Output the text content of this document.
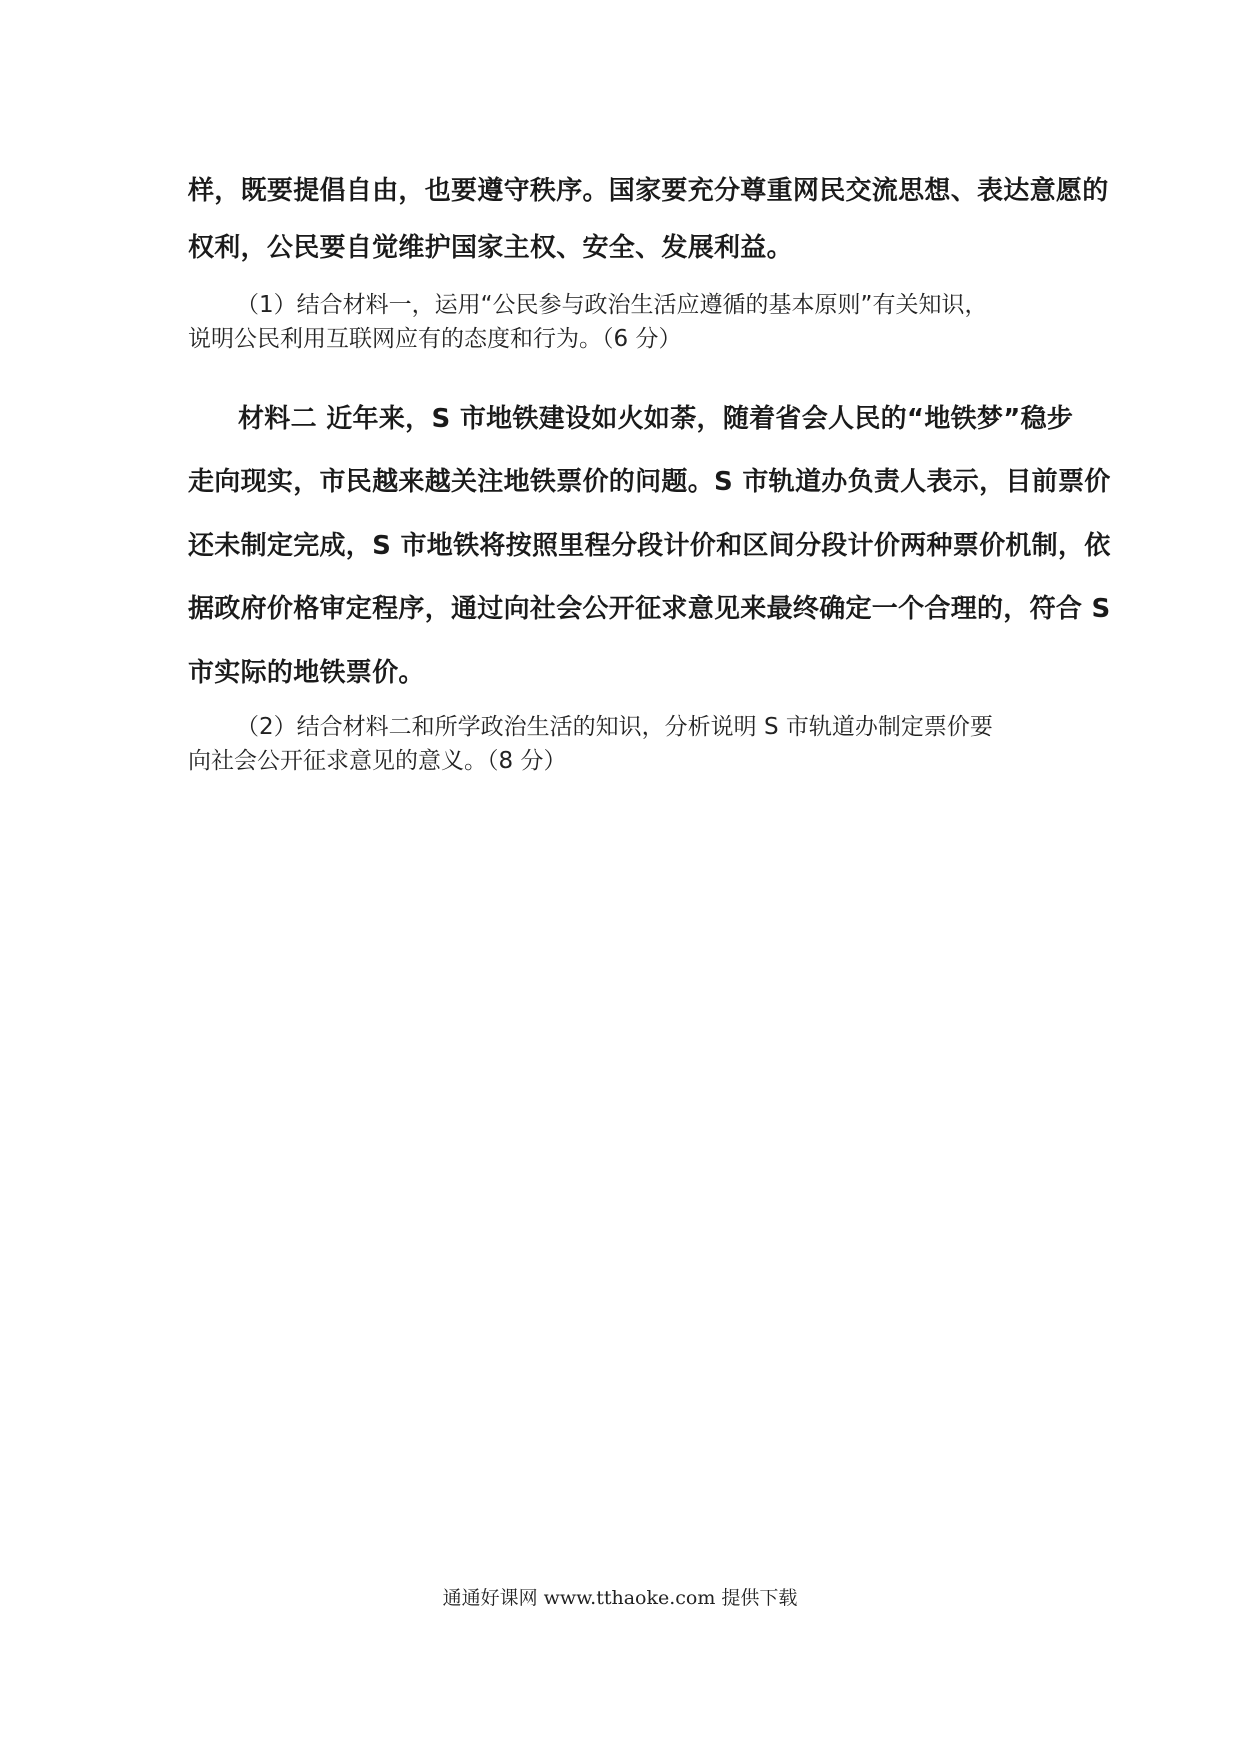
样，既要提倡自由，也要遵守秩序。国家要充分尊重网民交流思想、表达意愿的
权利，公民要自觉维护国家主权、安全、发展利益。
（1）结合材料一，运用“公民参与政治生活应遵循的基本原则”有关知识，
说明公民利用互联网应有的态度和行为。（6 分）
材料二 近年来，S 市地铁建设如火如荼，随着省会人民的“地铁梦”稳步
走向现实，市民越来越关注地铁票价的问题。S 市轨道办负责人表示，目前票价
还未制定完成，S 市地铁将按照里程分段计价和区间分段计价两种票价机制，依
据政府价格审定程序，通过向社会公开征求意见来最终确定一个合理的，符合 S
市实际的地铁票价。
（2）结合材料二和所学政治生活的知识，分析说明 S 市轨道办制定票价要
向社会公开征求意见的意义。（8 分）
通通好课网 www.tthaoke.com 提供下载
